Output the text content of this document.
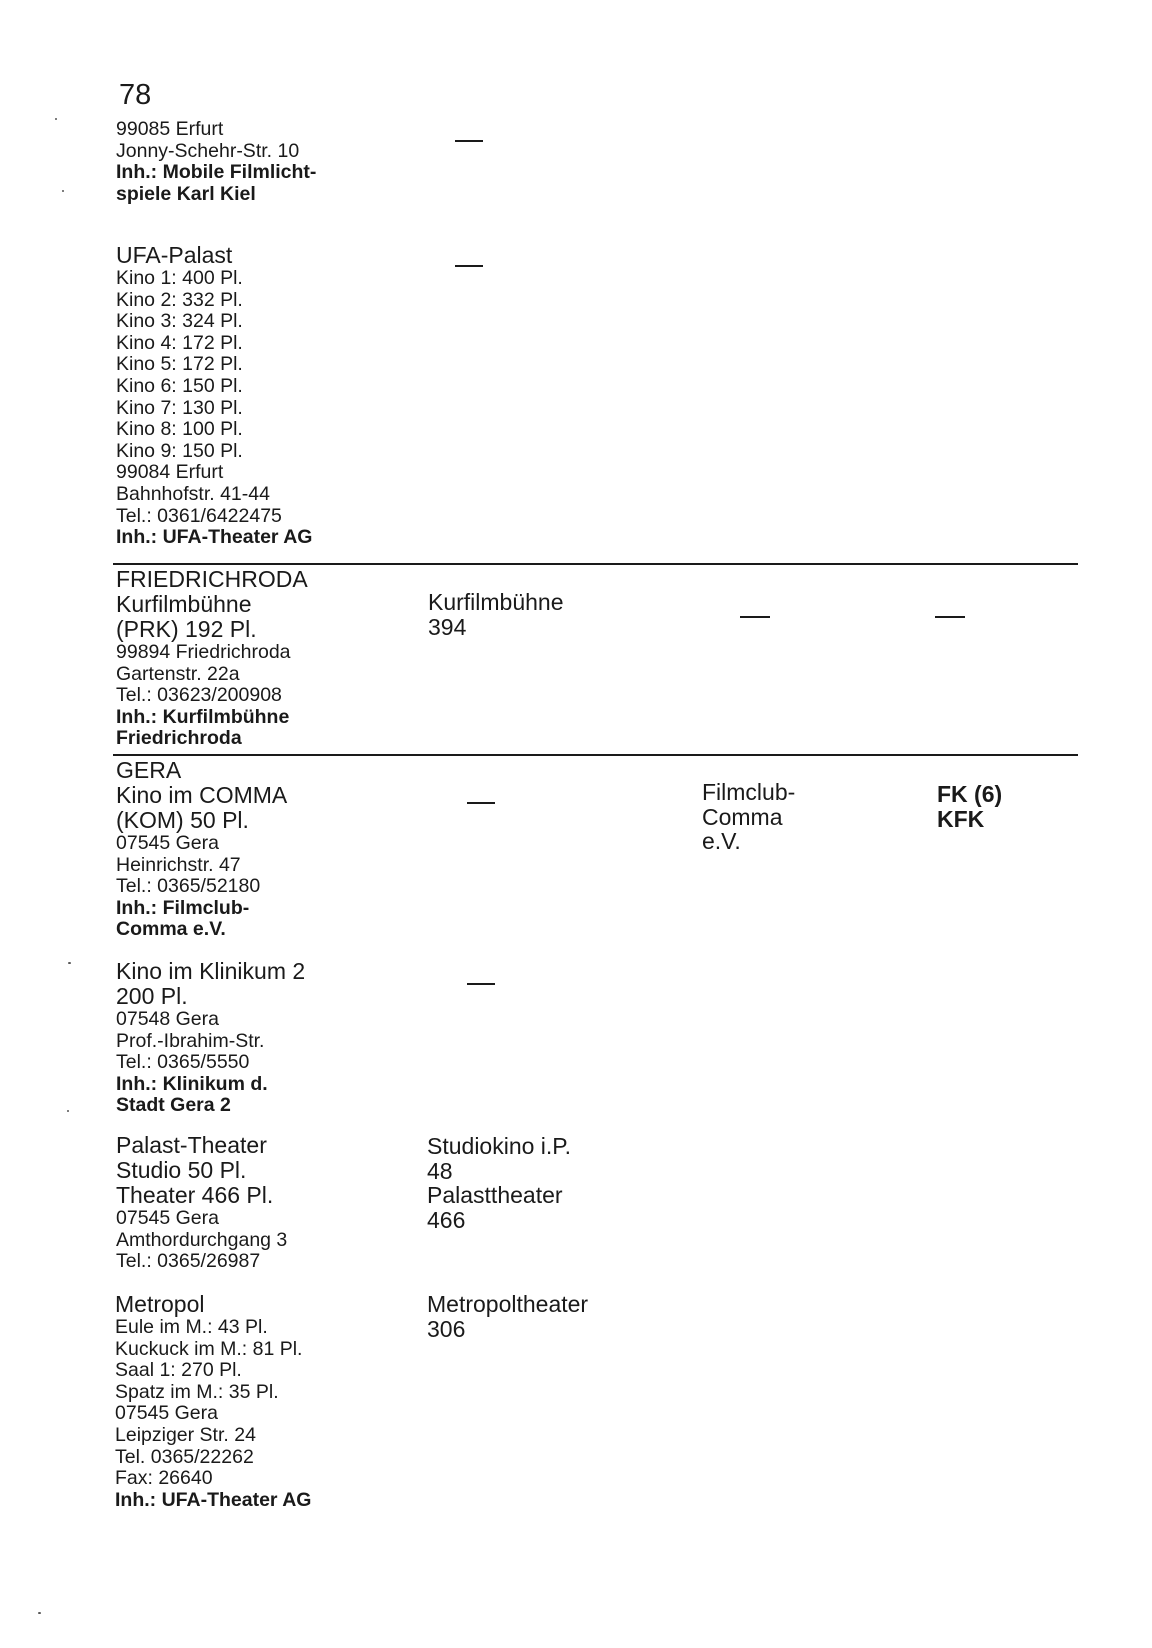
78
99085 Erfurt
Jonny-Schehr-Str. 10
Inh.: Mobile Filmlicht-
spiele Karl Kiel
UFA-Palast
Kino 1: 400 Pl.
Kino 2: 332 Pl.
Kino 3: 324 Pl.
Kino 4: 172 Pl.
Kino 5: 172 Pl.
Kino 6: 150 Pl.
Kino 7: 130 Pl.
Kino 8: 100 Pl.
Kino 9: 150 Pl.
99084 Erfurt
Bahnhofstr. 41-44
Tel.: 0361/6422475
Inh.: UFA-Theater AG
FRIEDRICHRODA
Kurfilmbühne
(PRK) 192 Pl.
99894 Friedrichroda
Gartenstr. 22a
Tel.: 03623/200908
Inh.: Kurfilmbühne
Friedrichroda
Kurfilmbühne
394
GERA
Kino im COMMA
(KOM) 50 Pl.
07545 Gera
Heinrichstr. 47
Tel.: 0365/52180
Inh.: Filmclub-
Comma e.V.
Filmclub-
Comma
e.V.
FK (6)
KFK
Kino im Klinikum 2
200 Pl.
07548 Gera
Prof.-Ibrahim-Str.
Tel.: 0365/5550
Inh.: Klinikum d.
Stadt Gera 2
Palast-Theater
Studio 50 Pl.
Theater 466 Pl.
07545 Gera
Amthordurchgang 3
Tel.: 0365/26987
Studiokino i.P.
48
Palasttheater
466
Metropol
Eule im M.: 43 Pl.
Kuckuck im M.: 81 Pl.
Saal 1: 270 Pl.
Spatz im M.: 35 Pl.
07545 Gera
Leipziger Str. 24
Tel. 0365/22262
Fax: 26640
Inh.: UFA-Theater AG
Metropoltheater
306
